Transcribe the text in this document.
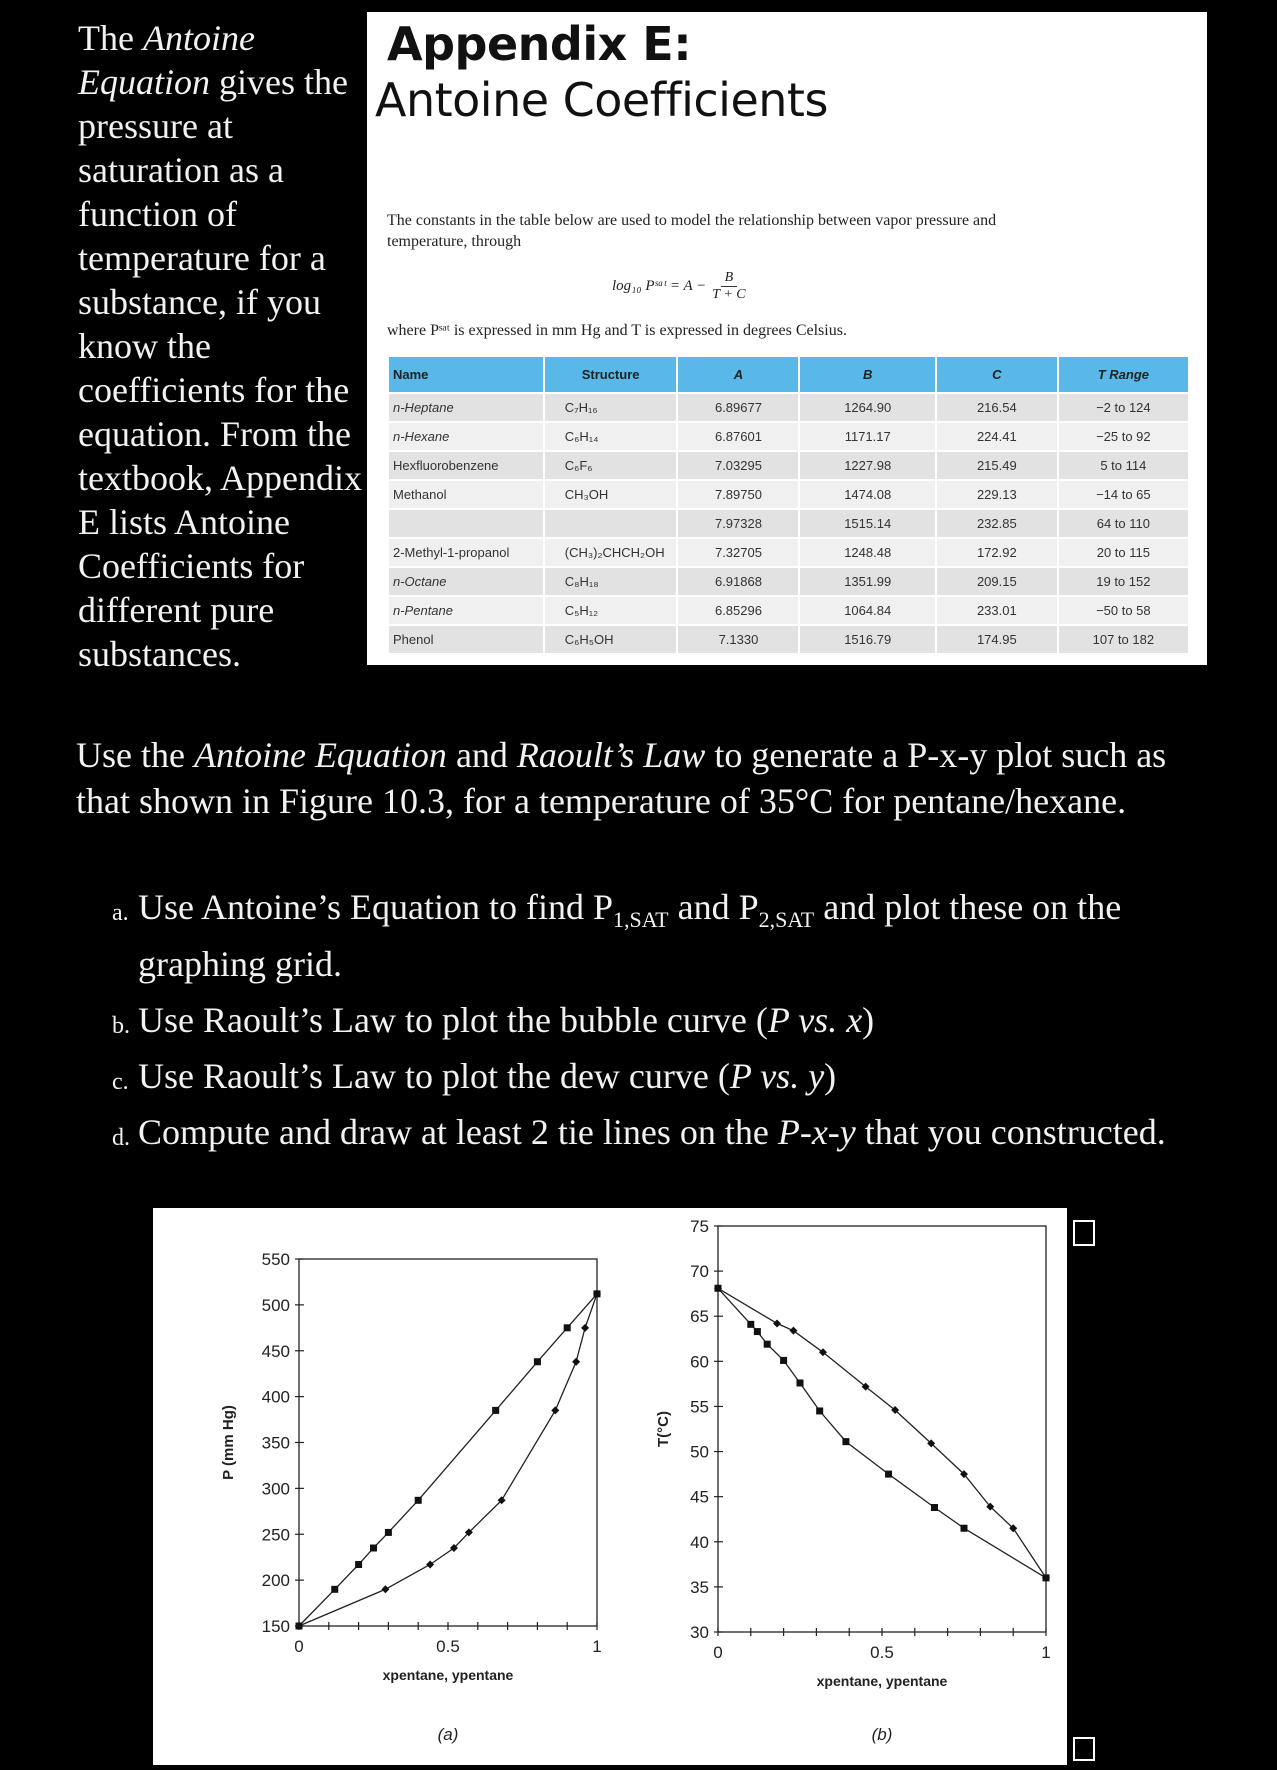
The Antoine Equation gives the pressure at saturation as a function of temperature for a substance, if you know the coefficients for the equation. From the textbook, Appendix E lists Antoine Coefficients for different pure substances.
Appendix E:
Antoine Coefficients
The constants in the table below are used to model the relationship between vapor pressure and temperature, through
log₁₀ Pˢᵃᵗ = $A - \frac{B}{T + C}$
where Pˢᵃᵗ is expressed in mm Hg and T is expressed in degrees Celsius.
Name	Structure	A	B	C	T Range
n-Heptane	C₇H₁₆	6.89677	1264.90	216.54	−2 to 124
n-Hexane	C₆H₁₄	6.87601	1171.17	224.41	−25 to 92
Hexfluorobenzene	C₆F₆	7.03295	1227.98	215.49	5 to 114
Methanol	CH₃OH	7.89750	1474.08	229.13	−14 to 65
		7.97328	1515.14	232.85	64 to 110
2-Methyl-1-propanol	(CH₃)₂CHCH₂OH	7.32705	1248.48	172.92	20 to 115
n-Octane	C₈H₁₈	6.91868	1351.99	209.15	19 to 152
n-Pentane	C₅H₁₂	6.85296	1064.84	233.01	−50 to 58
Phenol	C₆H₅OH	7.1330	1516.79	174.95	107 to 182
Use the Antoine Equation and Raoult’s Law to generate a P-x-y plot such as that shown in Figure 10.3, for a temperature of 35°C for pentane/hexane.
a. Use Antoine’s Equation to find $P_{1,SAT}$ and $P_{2,SAT}$ and plot these on the graphing grid.
b. Use Raoult’s Law to plot the bubble curve (P vs. x)
c. Use Raoult’s Law to plot the dew curve (P vs. y)
d. Compute and draw at least 2 tie lines on the P-x-y that you constructed.
150
200
250
300
350
400
450
500
550
0	0.5	1
xpentane, ypentane
P (mm Hg)
(a)
30
35
40
45
50
55
60
65
70
75
0	0.5	1
xpentane, ypentane
T(°C)
(b)
